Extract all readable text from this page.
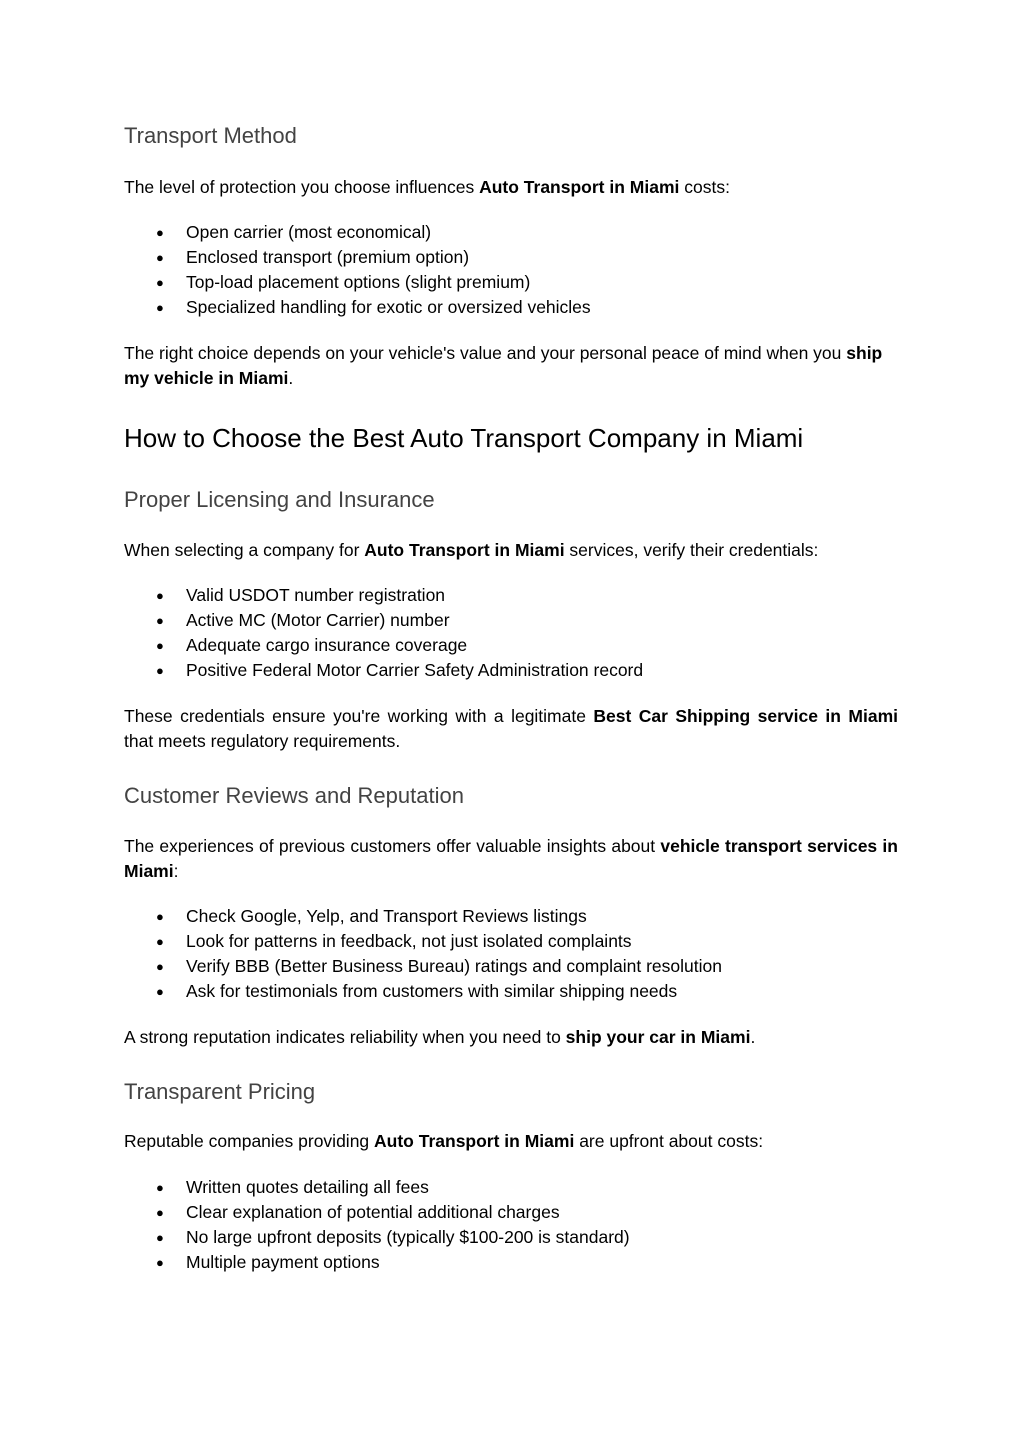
Transport Method

The level of protection you choose influences Auto Transport in Miami costs:

● Open carrier (most economical)
● Enclosed transport (premium option)
● Top-load placement options (slight premium)
● Specialized handling for exotic or oversized vehicles

The right choice depends on your vehicle's value and your personal peace of mind when you ship my vehicle in Miami.

How to Choose the Best Auto Transport Company in Miami
Proper Licensing and Insurance

When selecting a company for Auto Transport in Miami services, verify their credentials:

● Valid USDOT number registration
● Active MC (Motor Carrier) number
● Adequate cargo insurance coverage
● Positive Federal Motor Carrier Safety Administration record

These credentials ensure you're working with a legitimate Best Car Shipping service in Miami that meets regulatory requirements.

Customer Reviews and Reputation

The experiences of previous customers offer valuable insights about vehicle transport services in Miami:

● Check Google, Yelp, and Transport Reviews listings
● Look for patterns in feedback, not just isolated complaints
● Verify BBB (Better Business Bureau) ratings and complaint resolution
● Ask for testimonials from customers with similar shipping needs

A strong reputation indicates reliability when you need to ship your car in Miami.

Transparent Pricing

Reputable companies providing Auto Transport in Miami are upfront about costs:

● Written quotes detailing all fees
● Clear explanation of potential additional charges
● No large upfront deposits (typically $100-200 is standard)
● Multiple payment options
